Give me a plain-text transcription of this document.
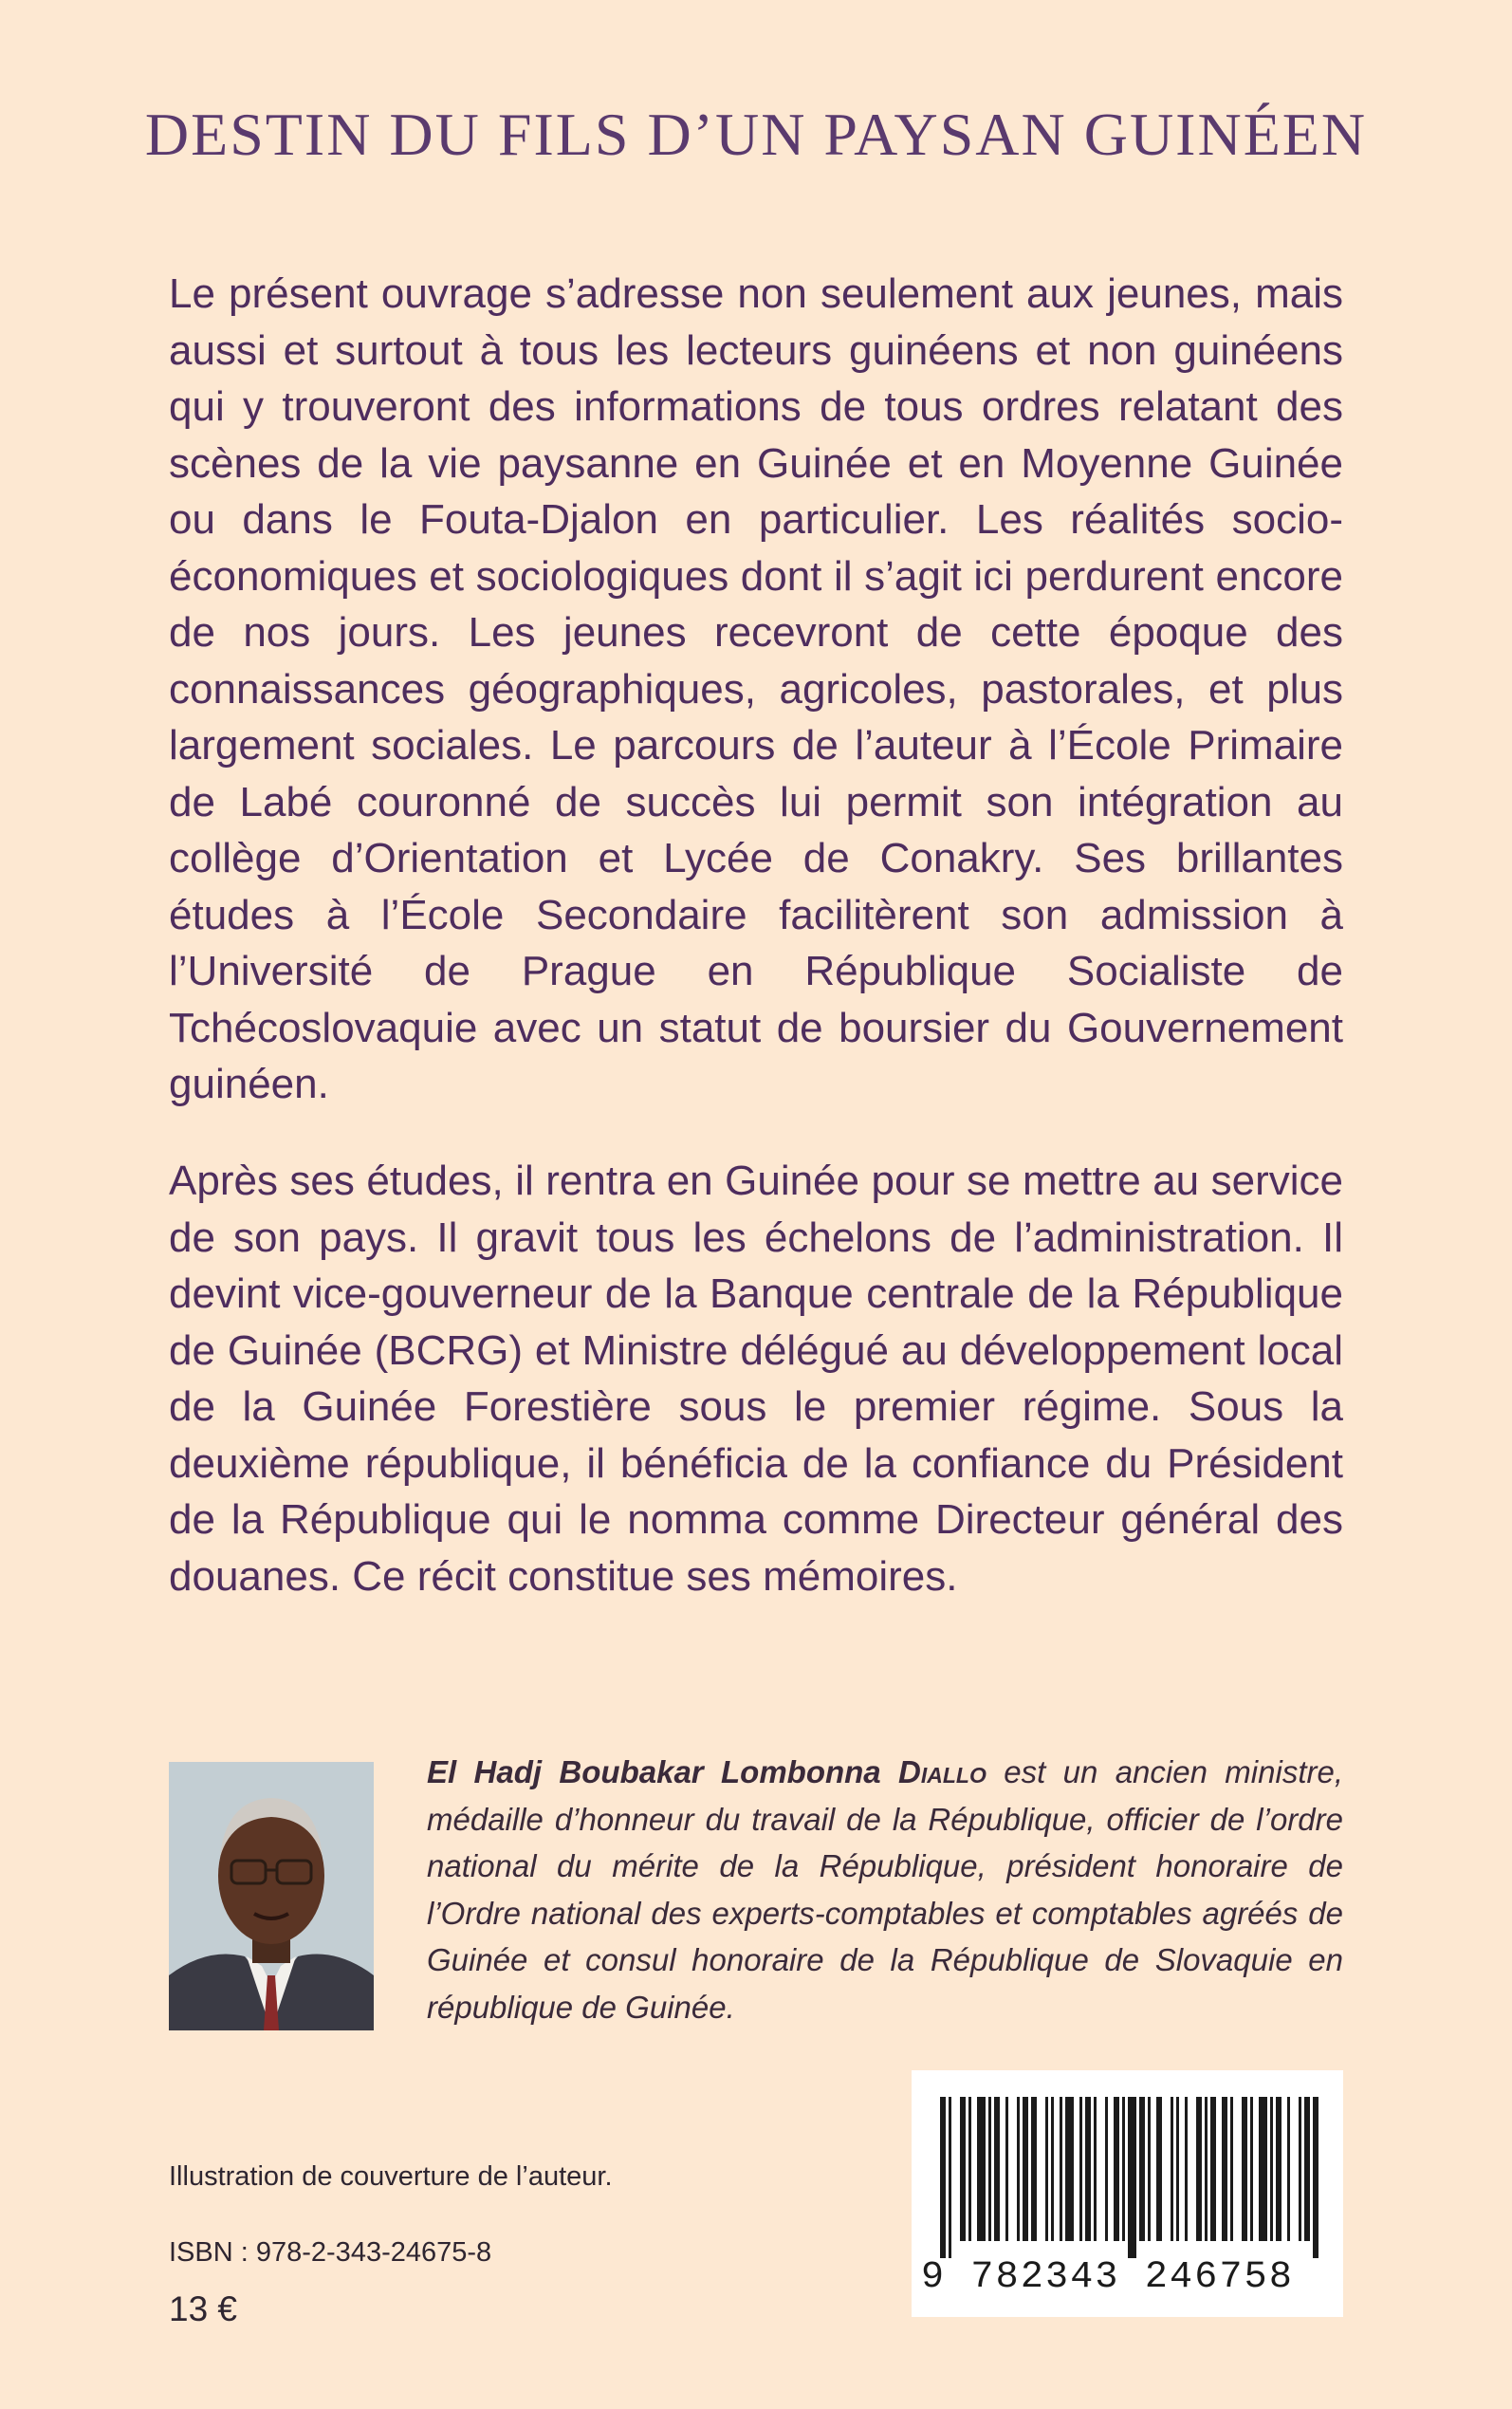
DESTIN DU FILS D’UN PAYSAN GUINÉEN

Le présent ouvrage s’adresse non seulement aux jeunes, mais aussi et surtout à tous les lecteurs guinéens et non guinéens qui y trouveront des informations de tous ordres relatant des scènes de la vie paysanne en Guinée et en Moyenne Guinée ou dans le Fouta-Djalon en particulier. Les réalités socio-économiques et sociologiques dont il s’agit ici perdurent encore de nos jours. Les jeunes recevront de cette époque des connaissances géographiques, agricoles, pastorales, et plus largement sociales. Le parcours de l’auteur à l’École Primaire de Labé couronné de succès lui permit son intégration au collège d’Orientation et Lycée de Conakry. Ses brillantes études à l’École Secondaire facilitèrent son admission à l’Université de Prague en République Socialiste de Tchécoslovaquie avec un statut de boursier du Gouvernement guinéen.

Après ses études, il rentra en Guinée pour se mettre au service de son pays. Il gravit tous les échelons de l’administration. Il devint vice-gouverneur de la Banque centrale de la République de Guinée (BCRG) et Ministre délégué au développement local de la Guinée Forestière sous le premier régime. Sous la deuxième république, il bénéficia de la confiance du Président de la République qui le nomma comme Directeur général des douanes. Ce récit constitue ses mémoires.

El Hadj Boubakar Lombonna Diallo est un ancien ministre, médaille d’honneur du travail de la République, officier de l’ordre national du mérite de la République, président honoraire de l’Ordre national des experts-comptables et comptables agréés de Guinée et consul honoraire de la République de Slovaquie en république de Guinée.

9 782343 246758

Illustration de couverture de l’auteur.

ISBN : 978-2-343-24675-8

13 €
